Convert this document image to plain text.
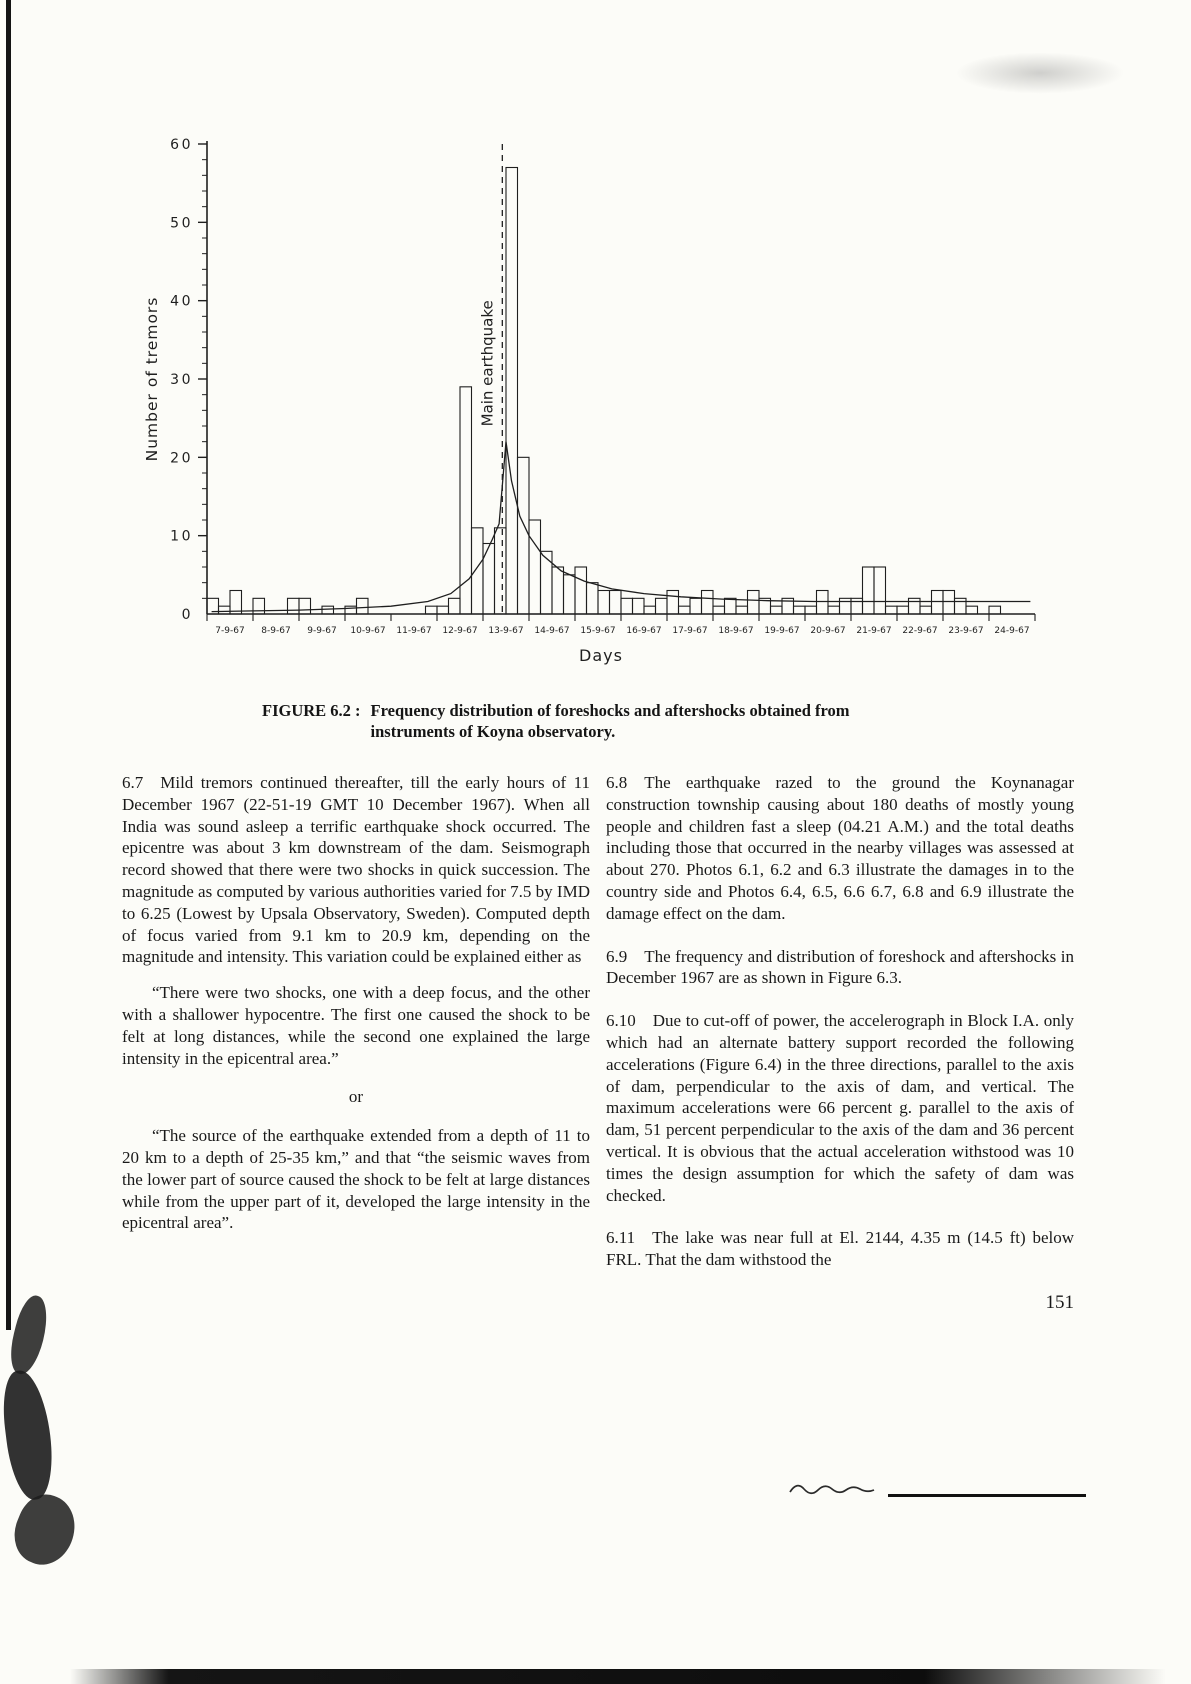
0
10
20
30
40
50
60
7-9-67 8-9-67 9-9-67 10-9-67 11-9-67 12-9-67 13-9-67 14-9-67 15-9-67 16-9-67 17-9-67 18-9-67 19-9-67 20-9-67 21-9-67 22-9-67 23-9-67 24-9-67
Main earthquake
Days
Number of tremors
FIGURE 6.2 : Frequency distribution of foreshocks and aftershocks obtained from instruments of Koyna observatory.

6.7 Mild tremors continued thereafter, till the early hours of 11 December 1967 (22-51-19 GMT 10 December 1967). When all India was sound asleep a terrific earthquake shock occurred. The epicentre was about 3 km downstream of the dam. Seismograph record showed that there were two shocks in quick succession. The magnitude as computed by various authorities varied for 7.5 by IMD to 6.25 (Lowest by Upsala Observatory, Sweden). Computed depth of focus varied from 9.1 km to 20.9 km, depending on the magnitude and intensity. This variation could be explained either as

“There were two shocks, one with a deep focus, and the other with a shallower hypocentre. The first one caused the shock to be felt at long distances, while the second one explained the large intensity in the epicentral area.”

or

“The source of the earthquake extended from a depth of 11 to 20 km to a depth of 25-35 km,” and that “the seismic waves from the lower part of source caused the shock to be felt at large distances while from the upper part of it, developed the large intensity in the epicentral area”.

6.8 The earthquake razed to the ground the Koynanagar construction township causing about 180 deaths of mostly young people and children fast a sleep (04.21 A.M.) and the total deaths including those that occurred in the nearby villages was assessed at about 270. Photos 6.1, 6.2 and 6.3 illustrate the damages in to the country side and Photos 6.4, 6.5, 6.6 6.7, 6.8 and 6.9 illustrate the damage effect on the dam.

6.9 The frequency and distribution of foreshock and aftershocks in December 1967 are as shown in Figure 6.3.

6.10 Due to cut-off of power, the accelerograph in Block I.A. only which had an alternate battery support recorded the following accelerations (Figure 6.4) in the three directions, parallel to the axis of dam, perpendicular to the axis of dam, and vertical. The maximum accelerations were 66 percent g. parallel to the axis of dam, 51 percent perpendicular to the axis of the dam and 36 percent vertical. It is obvious that the actual acceleration withstood was 10 times the design assumption for which the safety of dam was checked.

6.11 The lake was near full at El. 2144, 4.35 m (14.5 ft) below FRL. That the dam withstood the

151
